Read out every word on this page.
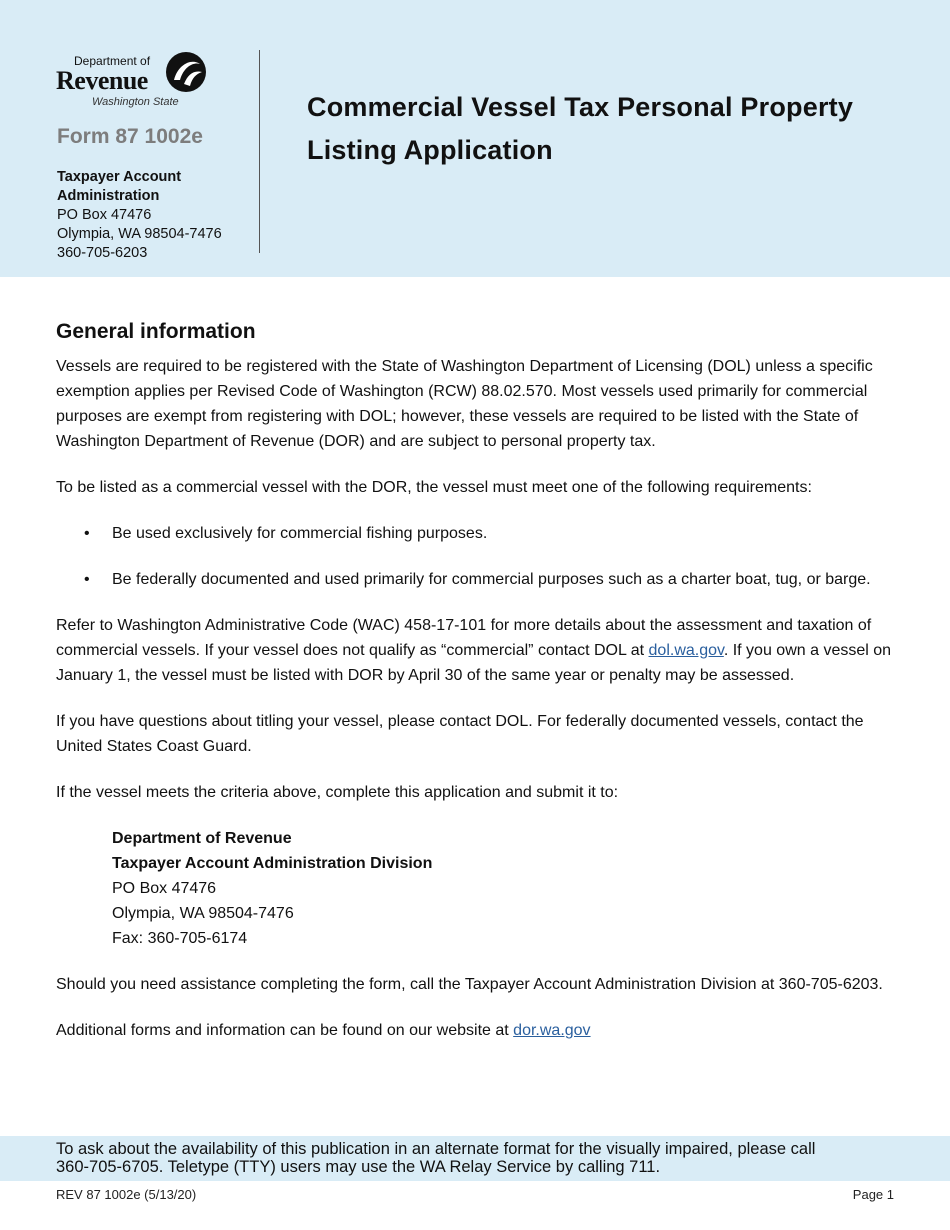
Department of
Revenue
Washington State
Form 87 1002e
Taxpayer Account
Administration
PO Box 47476
Olympia, WA 98504-7476
360-705-6203
Commercial Vessel Tax Personal Property
Listing Application
General information

Vessels are required to be registered with the State of Washington Department of Licensing (DOL) unless a specific exemption applies per Revised Code of Washington (RCW) 88.02.570. Most vessels used primarily for commercial purposes are exempt from registering with DOL; however, these vessels are required to be listed with the State of Washington Department of Revenue (DOR) and are subject to personal property tax.

To be listed as a commercial vessel with the DOR, the vessel must meet one of the following requirements:

• Be used exclusively for commercial fishing purposes.
• Be federally documented and used primarily for commercial purposes such as a charter boat, tug, or barge.

Refer to Washington Administrative Code (WAC) 458-17-101 for more details about the assessment and taxation of commercial vessels. If your vessel does not qualify as “commercial” contact DOL at dol.wa.gov. If you own a vessel on January 1, the vessel must be listed with DOR by April 30 of the same year or penalty may be assessed.

If you have questions about titling your vessel, please contact DOL. For federally documented vessels, contact the United States Coast Guard.

If the vessel meets the criteria above, complete this application and submit it to:

Department of Revenue
Taxpayer Account Administration Division
PO Box 47476
Olympia, WA 98504-7476
Fax: 360-705-6174

Should you need assistance completing the form, call the Taxpayer Account Administration Division at 360-705-6203.

Additional forms and information can be found on our website at dor.wa.gov

To ask about the availability of this publication in an alternate format for the visually impaired, please call
360-705-6705. Teletype (TTY) users may use the WA Relay Service by calling 711.
REV 87 1002e (5/13/20)	Page 1
